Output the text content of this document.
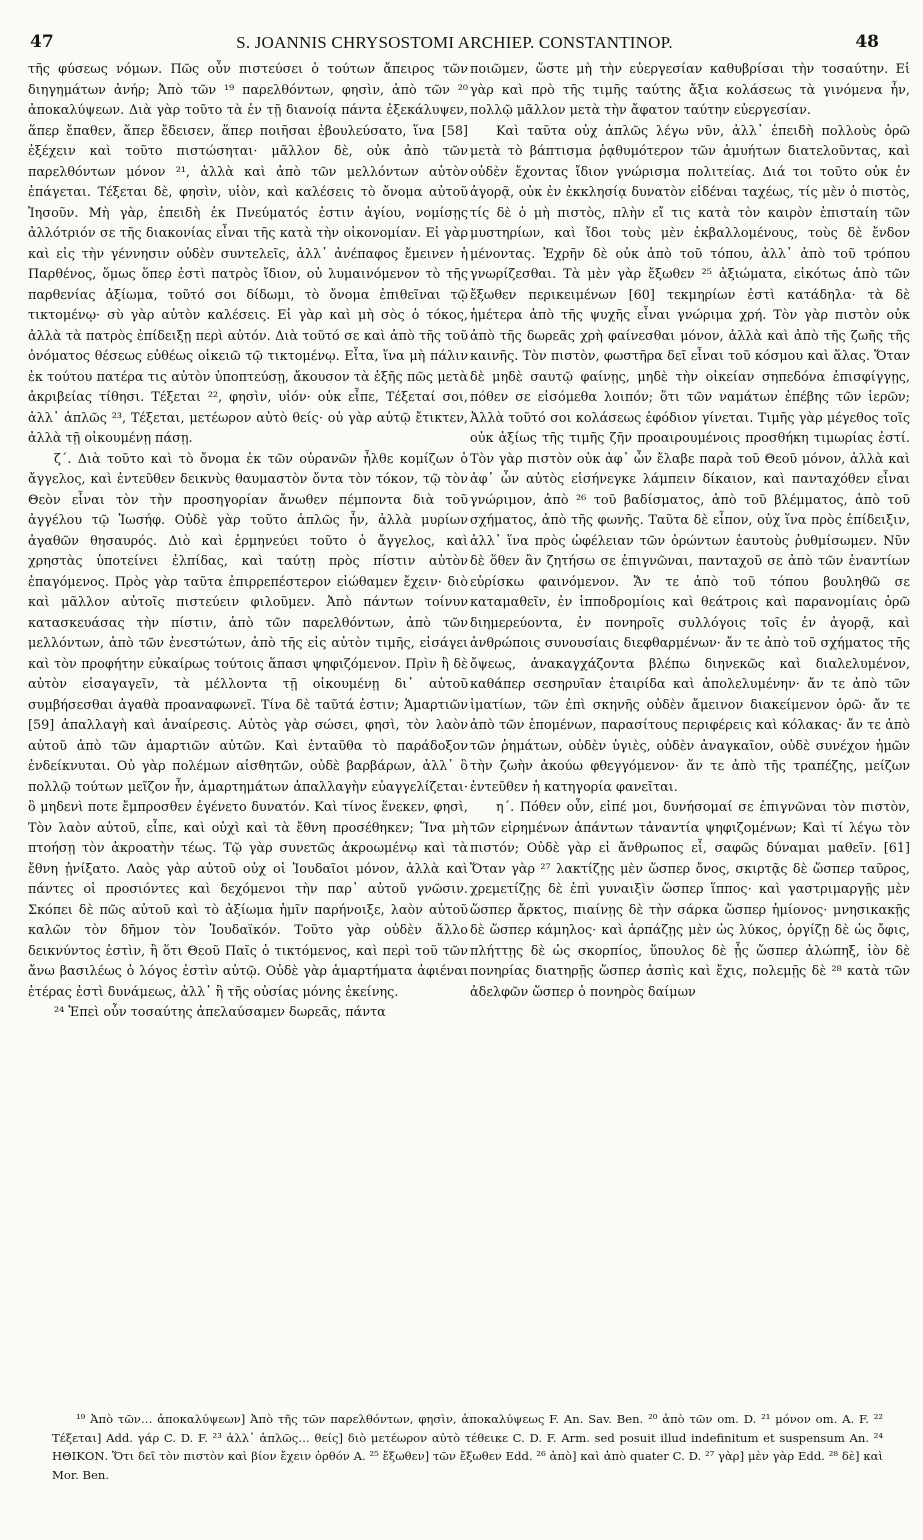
47	S. JOANNIS CHRYSOSTOMI ARCHIEP. CONSTANTINOP.	48

τῆς φύσεως νόμων. Πῶς οὖν πιστεύσει ὁ τούτων ἄπειρος τῶν διηγημάτων ἀνήρ; Ἀπὸ τῶν ¹⁹ παρελθόντων, φησὶν, ἀπὸ τῶν ²⁰ ἀποκαλύψεων. Διὰ γὰρ τοῦτο τὰ ἐν τῇ διανοίᾳ πάντα ἐξεκάλυψεν, ἅπερ ἔπαθεν, ἅπερ ἔδεισεν, ἅπερ ποιῆσαι ἐβουλεύσατο, ἵνα [58] ἐξέχειν καὶ τοῦτο πιστώσηται· μᾶλλον δὲ, οὐκ ἀπὸ τῶν παρελθόντων μόνον ²¹, ἀλλὰ καὶ ἀπὸ τῶν μελλόντων αὐτὸν ἐπάγεται. Τέξεται δὲ, φησὶν, υἱὸν, καὶ καλέσεις τὸ ὄνομα αὐτοῦ Ἰησοῦν. Μὴ γὰρ, ἐπειδὴ ἐκ Πνεύματός ἐστιν ἁγίου, νομίσῃς ἀλλότριόν σε τῆς διακονίας εἶναι τῆς κατὰ τὴν οἰκονομίαν. Εἰ γὰρ καὶ εἰς τὴν γέννησιν οὐδὲν συντελεῖς, ἀλλ᾿ ἀνέπαφος ἔμεινεν ἡ Παρθένος, ὅμως ὅπερ ἐστὶ πατρὸς ἴδιον, οὐ λυμαινόμενον τὸ τῆς παρθενίας ἀξίωμα, τοῦτό σοι δίδωμι, τὸ ὄνομα ἐπιθεῖναι τῷ τικτομένῳ· σὺ γὰρ αὐτὸν καλέσεις. Εἰ γὰρ καὶ μὴ σὸς ὁ τόκος, ἀλλὰ τὰ πατρὸς ἐπίδειξῃ περὶ αὐτόν. Διὰ τοῦτό σε καὶ ἀπὸ τῆς τοῦ ὀνόματος θέσεως εὐθέως οἰκειῶ τῷ τικτομένῳ. Εἶτα, ἵνα μὴ πάλιν ἐκ τούτου πατέρα τις αὐτὸν ὑποπτεύσῃ, ἄκουσον τὰ ἑξῆς πῶς μετὰ ἀκριβείας τίθησι. Τέξεται ²², φησὶν, υἱόν· οὐκ εἶπε, Τέξεταί σοι, ἀλλ᾿ ἁπλῶς ²³, Τέξεται, μετέωρον αὐτὸ θείς· οὐ γὰρ αὐτῷ ἔτικτεν, ἀλλὰ τῇ οἰκουμένῃ πάσῃ.

ζ΄. Διὰ τοῦτο καὶ τὸ ὄνομα ἐκ τῶν οὐρανῶν ἦλθε κομίζων ὁ ἄγγελος, καὶ ἐντεῦθεν δεικνὺς θαυμαστὸν ὄντα τὸν τόκον, τῷ τὸν Θεὸν εἶναι τὸν τὴν προσηγορίαν ἄνωθεν πέμποντα διὰ τοῦ ἀγγέλου τῷ Ἰωσήφ. Οὐδὲ γὰρ τοῦτο ἁπλῶς ἦν, ἀλλὰ μυρίων ἀγαθῶν θησαυρός. Διὸ καὶ ἑρμηνεύει τοῦτο ὁ ἄγγελος, καὶ χρηστὰς ὑποτείνει ἐλπίδας, καὶ ταύτῃ πρὸς πίστιν αὐτὸν ἐπαγόμενος. Πρὸς γὰρ ταῦτα ἐπιρρεπέστερον εἰώθαμεν ἔχειν· διὸ καὶ μᾶλλον αὐτοῖς πιστεύειν φιλοῦμεν. Ἀπὸ πάντων τοίνυν κατασκευάσας τὴν πίστιν, ἀπὸ τῶν παρελθόντων, ἀπὸ τῶν μελλόντων, ἀπὸ τῶν ἐνεστώτων, ἀπὸ τῆς εἰς αὐτὸν τιμῆς, εἰσάγει καὶ τὸν προφήτην εὐκαίρως τούτοις ἅπασι ψηφιζόμενον. Πρὶν ἢ δὲ αὐτὸν εἰσαγαγεῖν, τὰ μέλλοντα τῇ οἰκουμένῃ δι᾿ αὐτοῦ συμβήσεσθαι ἀγαθὰ προαναφωνεῖ. Τίνα δὲ ταῦτά ἐστιν; Ἁμαρτιῶν [59] ἀπαλλαγὴ καὶ ἀναίρεσις. Αὐτὸς γὰρ σώσει, φησὶ, τὸν λαὸν αὐτοῦ ἀπὸ τῶν ἁμαρτιῶν αὐτῶν. Καὶ ἐνταῦθα τὸ παράδοξον ἐνδείκνυται. Οὐ γὰρ πολέμων αἰσθητῶν, οὐδὲ βαρβάρων, ἀλλ᾿ ὃ πολλῷ τούτων μεῖζον ἦν, ἁμαρτημάτων ἀπαλλαγὴν εὐαγγελίζεται· ὃ μηδενὶ ποτε ἔμπροσθεν ἐγένετο δυνατόν. Καὶ τίνος ἕνεκεν, φησὶ, Τὸν λαὸν αὐτοῦ, εἶπε, καὶ οὐχὶ καὶ τὰ ἔθνη προσέθηκεν; Ἵνα μὴ πτοήσῃ τὸν ἀκροατὴν τέως. Τῷ γὰρ συνετῶς ἀκροωμένῳ καὶ τὰ ἔθνη ᾐνίξατο. Λαὸς γὰρ αὐτοῦ οὐχ οἱ Ἰουδαῖοι μόνον, ἀλλὰ καὶ πάντες οἱ προσιόντες καὶ δεχόμενοι τὴν παρ᾿ αὐτοῦ γνῶσιν. Σκόπει δὲ πῶς αὐτοῦ καὶ τὸ ἀξίωμα ἡμῖν παρήνοιξε, λαὸν αὐτοῦ καλῶν τὸν δῆμον τὸν Ἰουδαϊκόν. Τοῦτο γὰρ οὐδὲν ἄλλο δεικνύντος ἐστὶν, ἢ ὅτι Θεοῦ Παῖς ὁ τικτόμενος, καὶ περὶ τοῦ τῶν ἄνω βασιλέως ὁ λόγος ἐστὶν αὐτῷ. Οὐδὲ γὰρ ἁμαρτήματα ἀφιέναι ἑτέρας ἐστὶ δυνάμεως, ἀλλ᾿ ἢ τῆς οὐσίας μόνης ἐκείνης.

²⁴ Ἐπεὶ οὖν τοσαύτης ἀπελαύσαμεν δωρεᾶς, πάντα

ποιῶμεν, ὥστε μὴ τὴν εὐεργεσίαν καθυβρίσαι τὴν τοσαύτην. Εἰ γὰρ καὶ πρὸ τῆς τιμῆς ταύτης ἄξια κολάσεως τὰ γινόμενα ἦν, πολλῷ μᾶλλον μετὰ τὴν ἄφατον ταύτην εὐεργεσίαν.

Καὶ ταῦτα οὐχ ἁπλῶς λέγω νῦν, ἀλλ᾿ ἐπειδὴ πολλοὺς ὁρῶ μετὰ τὸ βάπτισμα ῥᾳθυμότερον τῶν ἀμυήτων διατελοῦντας, καὶ οὐδὲν ἔχοντας ἴδιον γνώρισμα πολιτείας. Διά τοι τοῦτο οὐκ ἐν ἀγορᾷ, οὐκ ἐν ἐκκλησίᾳ δυνατὸν εἰδέναι ταχέως, τίς μὲν ὁ πιστὸς, τίς δὲ ὁ μὴ πιστὸς, πλὴν εἴ τις κατὰ τὸν καιρὸν ἐπισταίη τῶν μυστηρίων, καὶ ἴδοι τοὺς μὲν ἐκβαλλομένους, τοὺς δὲ ἔνδον μένοντας. Ἐχρῆν δὲ οὐκ ἀπὸ τοῦ τόπου, ἀλλ᾿ ἀπὸ τοῦ τρόπου γνωρίζεσθαι. Τὰ μὲν γὰρ ἔξωθεν ²⁵ ἀξιώματα, εἰκότως ἀπὸ τῶν ἔξωθεν περικειμένων [60] τεκμηρίων ἐστὶ κατάδηλα· τὰ δὲ ἡμέτερα ἀπὸ τῆς ψυχῆς εἶναι γνώριμα χρή. Τὸν γὰρ πιστὸν οὐκ ἀπὸ τῆς δωρεᾶς χρὴ φαίνεσθαι μόνον, ἀλλὰ καὶ ἀπὸ τῆς ζωῆς τῆς καινῆς. Τὸν πιστὸν, φωστῆρα δεῖ εἶναι τοῦ κόσμου καὶ ἅλας. Ὅταν δὲ μηδὲ σαυτῷ φαίνῃς, μηδὲ τὴν οἰκείαν σηπεδόνα ἐπισφίγγῃς, πόθεν σε εἰσόμεθα λοιπόν; ὅτι τῶν ναμάτων ἐπέβης τῶν ἱερῶν; Ἀλλὰ τοῦτό σοι κολάσεως ἐφόδιον γίνεται. Τιμῆς γὰρ μέγεθος τοῖς οὐκ ἀξίως τῆς τιμῆς ζῆν προαιρουμένοις προσθήκη τιμωρίας ἐστί. Τὸν γὰρ πιστὸν οὐκ ἀφ᾿ ὧν ἔλαβε παρὰ τοῦ Θεοῦ μόνον, ἀλλὰ καὶ ἀφ᾿ ὧν αὐτὸς εἰσήνεγκε λάμπειν δίκαιον, καὶ πανταχόθεν εἶναι γνώριμον, ἀπὸ ²⁶ τοῦ βαδίσματος, ἀπὸ τοῦ βλέμματος, ἀπὸ τοῦ σχήματος, ἀπὸ τῆς φωνῆς. Ταῦτα δὲ εἶπον, οὐχ ἵνα πρὸς ἐπίδειξιν, ἀλλ᾿ ἵνα πρὸς ὠφέλειαν τῶν ὁρώντων ἑαυτοὺς ῥυθμίσωμεν. Νῦν δὲ ὅθεν ἂν ζητήσω σε ἐπιγνῶναι, πανταχοῦ σε ἀπὸ τῶν ἐναντίων εὑρίσκω φαινόμενον. Ἄν τε ἀπὸ τοῦ τόπου βουληθῶ σε καταμαθεῖν, ἐν ἱπποδρομίοις καὶ θεάτροις καὶ παρανομίαις ὁρῶ διημερεύοντα, ἐν πονηροῖς συλλόγοις τοῖς ἐν ἀγορᾷ, καὶ ἀνθρώποις συνουσίαις διεφθαρμένων· ἄν τε ἀπὸ τοῦ σχήματος τῆς ὄψεως, ἀνακαγχάζοντα βλέπω διηνεκῶς καὶ διαλελυμένον, καθάπερ σεσηρυῖαν ἑταιρίδα καὶ ἀπολελυμένην· ἄν τε ἀπὸ τῶν ἱματίων, τῶν ἐπὶ σκηνῆς οὐδὲν ἄμεινον διακείμενον ὁρῶ· ἄν τε ἀπὸ τῶν ἑπομένων, παρασίτους περιφέρεις καὶ κόλακας· ἄν τε ἀπὸ τῶν ῥημάτων, οὐδὲν ὑγιὲς, οὐδὲν ἀναγκαῖον, οὐδὲ συνέχον ἡμῶν τὴν ζωὴν ἀκούω φθεγγόμενον· ἄν τε ἀπὸ τῆς τραπέζης, μείζων ἐντεῦθεν ἡ κατηγορία φανεῖται.

η΄. Πόθεν οὖν, εἰπέ μοι, δυνήσομαί σε ἐπιγνῶναι τὸν πιστὸν, τῶν εἰρημένων ἁπάντων τἀναντία ψηφιζομένων; Καὶ τί λέγω τὸν πιστόν; Οὐδὲ γὰρ εἰ ἄνθρωπος εἶ, σαφῶς δύναμαι μαθεῖν. [61] Ὅταν γὰρ ²⁷ λακτίζῃς μὲν ὥσπερ ὄνος, σκιρτᾷς δὲ ὥσπερ ταῦρος, χρεμετίζῃς δὲ ἐπὶ γυναιξὶν ὥσπερ ἵππος· καὶ γαστριμαργῇς μὲν ὥσπερ ἄρκτος, πιαίνῃς δὲ τὴν σάρκα ὥσπερ ἡμίονος· μνησικακῇς δὲ ὥσπερ κάμηλος· καὶ ἁρπάζῃς μὲν ὡς λύκος, ὀργίζῃ δὲ ὡς ὄφις, πλήττῃς δὲ ὡς σκορπίος, ὕπουλος δὲ ᾖς ὥσπερ ἀλώπηξ, ἰὸν δὲ πονηρίας διατηρῇς ὥσπερ ἀσπὶς καὶ ἔχις, πολεμῇς δὲ ²⁸ κατὰ τῶν ἀδελφῶν ὥσπερ ὁ πονηρὸς δαίμων

¹⁹ Ἀπὸ τῶν… ἀποκαλύψεων] Ἀπὸ τῆς τῶν παρελθόντων, φησὶν, ἀποκαλύψεως F. An. Sav. Ben. ²⁰ ἀπὸ τῶν om. D. ²¹ μόνον om. A. F. ²² Τέξεται] Add. γάρ C. D. F. ²³ ἀλλ᾿ ἁπλῶς… θείς] διὸ μετέωρον αὐτὸ τέθεικε C. D. F. Arm. sed posuit illud indefinitum et suspensum An. ²⁴ ΗΘΙΚΟΝ. Ὅτι δεῖ τὸν πιστὸν καὶ βίον ἔχειν ὀρθόν A. ²⁵ ἔξωθεν] τῶν ἔξωθεν Edd. ²⁶ ἀπὸ] καὶ ἀπὸ quater C. D. ²⁷ γὰρ] μὲν γὰρ Edd. ²⁸ δὲ] καὶ Mor. Ben.
